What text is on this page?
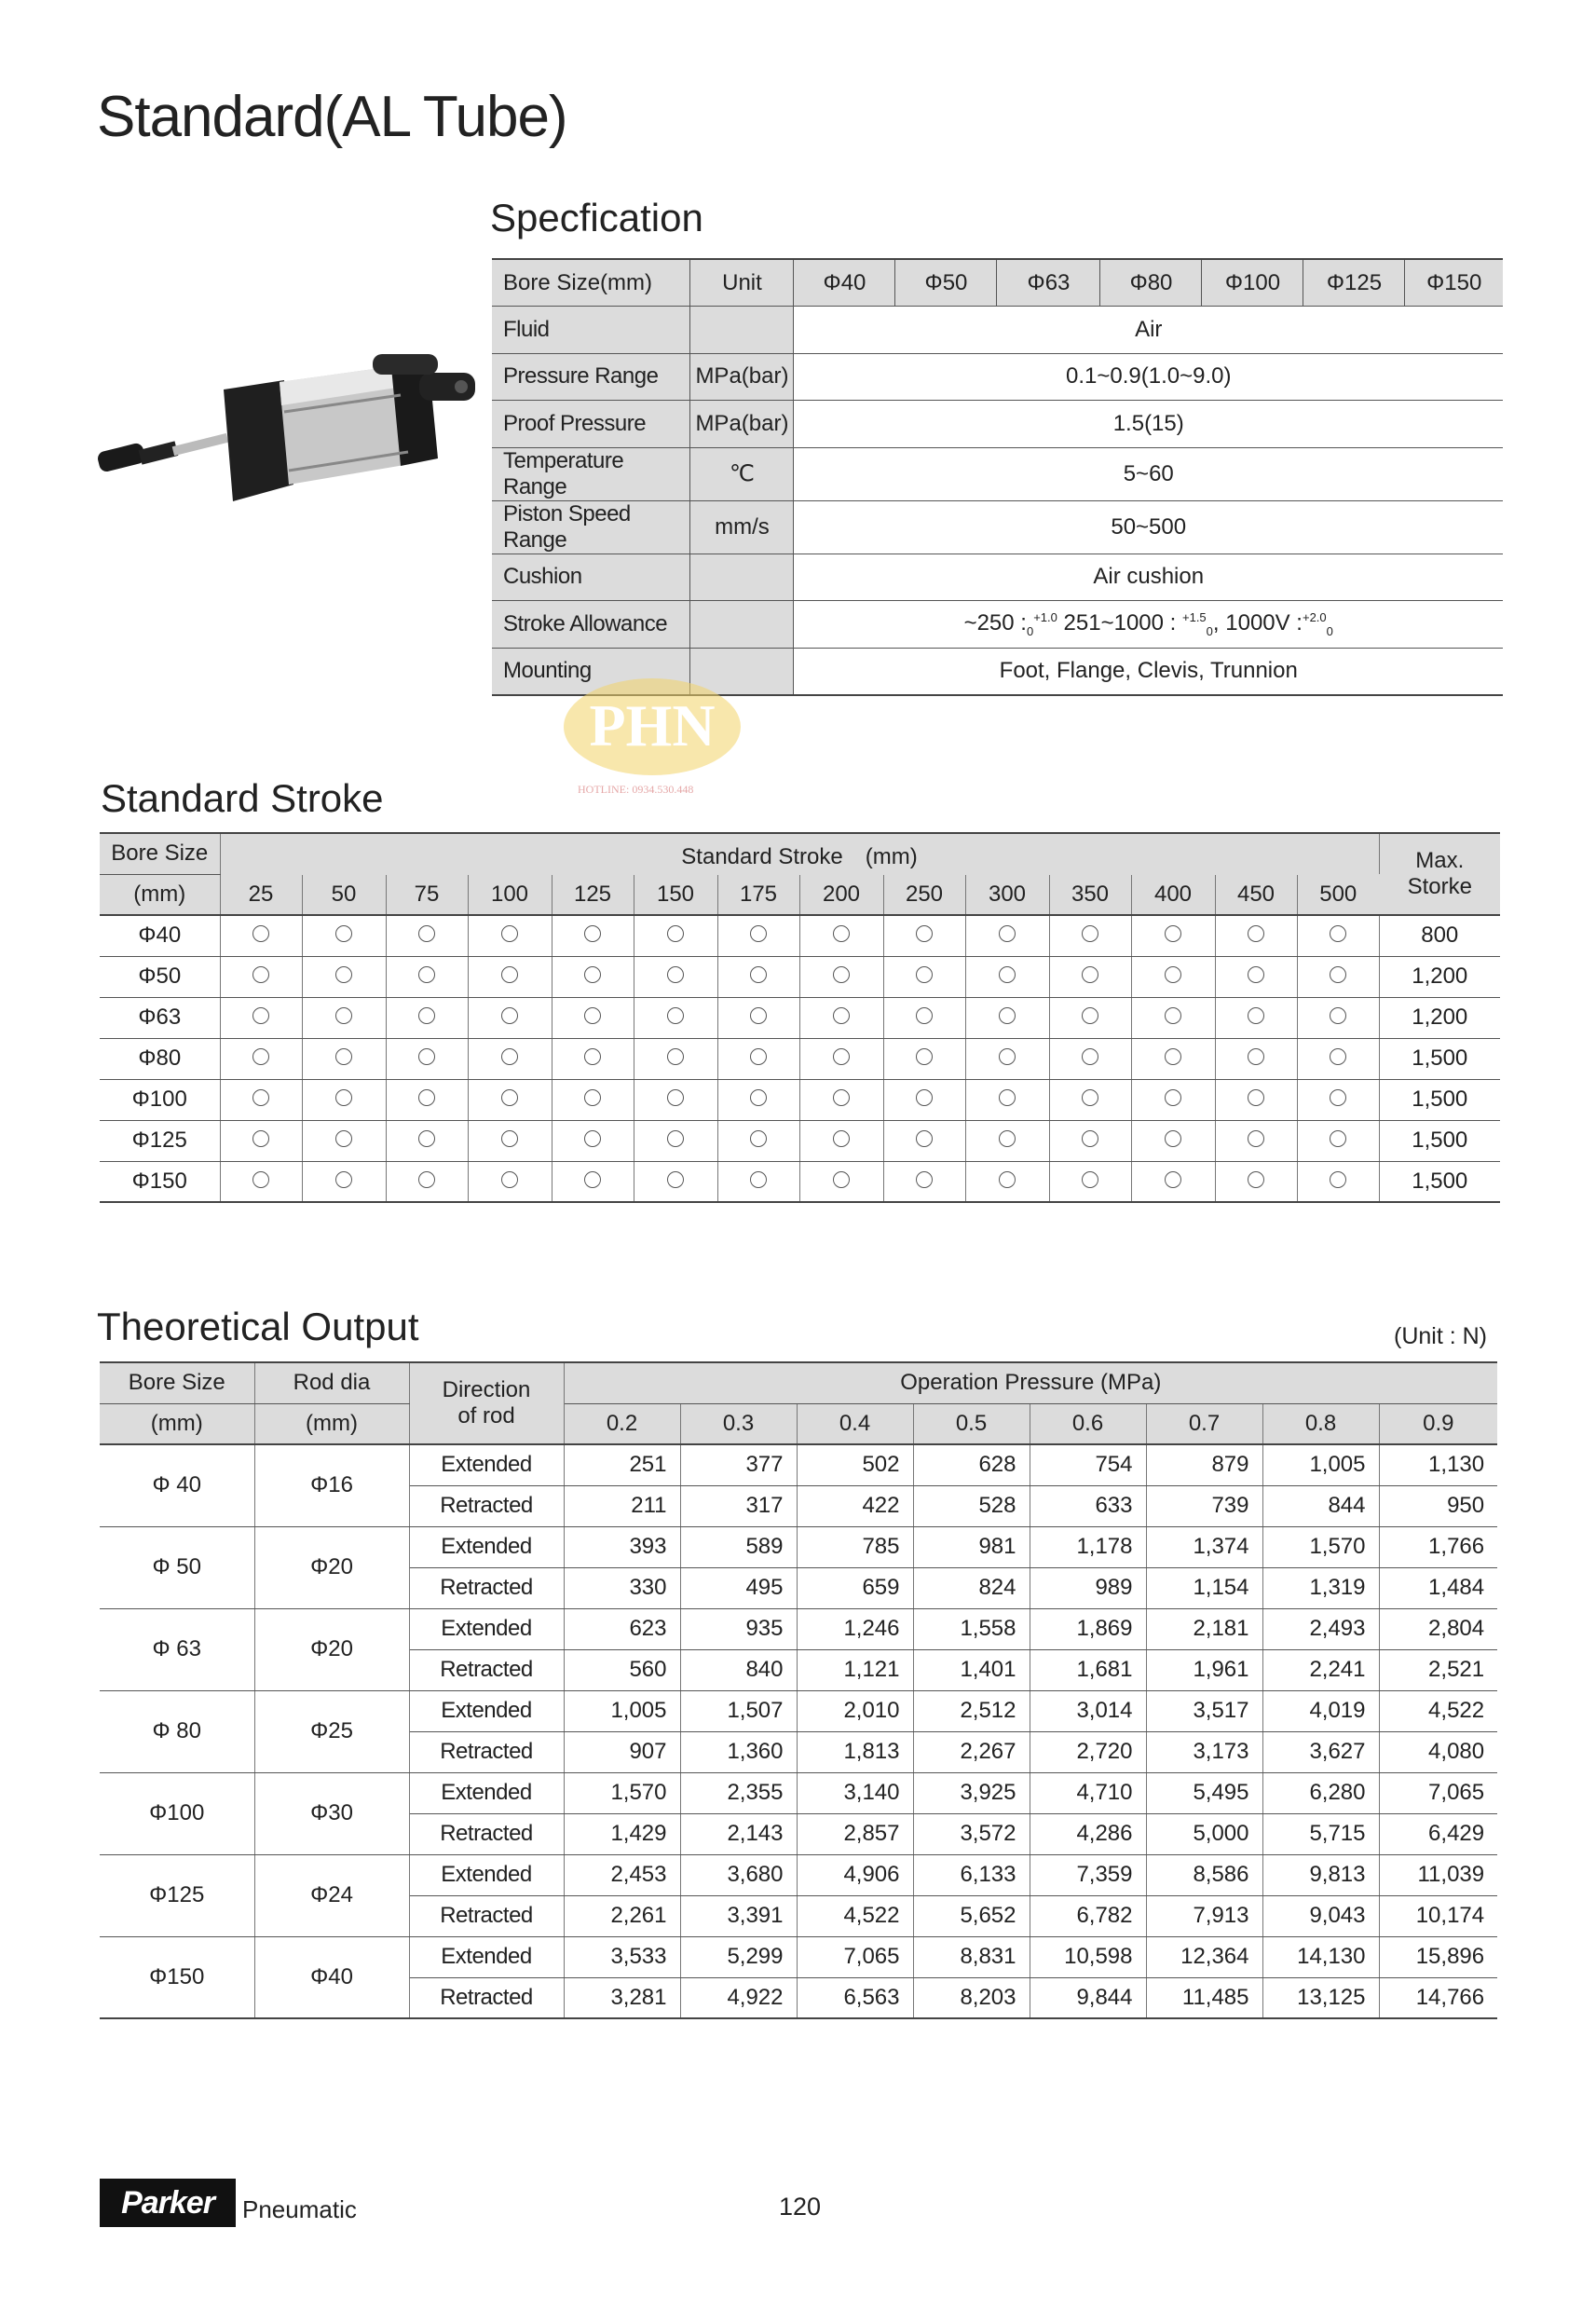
Standard(AL Tube)
Specfication
Bore Size(mm)	Unit	Φ40	Φ50	Φ63	Φ80	Φ100	Φ125	Φ150
Fluid		Air						
Pressure Range	MPa(bar)	0.1~0.9(1.0~9.0)						
Proof Pressure	MPa(bar)	1.5(15)						
Temperature Range	℃	5~60						
Piston Speed Range	mm/s	50~500						
Cushion		Air cushion						
Stroke Allowance		~250 $:_0^{+1.0}$ 251~1000 : $^{+1.5}_0$, 1000V :$^{+2.0}_0$
Mounting		Foot, Flange, Clevis, Trunnion						
PHN
HOTLINE: 0934.530.448
Standard Stroke
Bore Size	Standard Stroke　(mm)														Max.
Storke
(mm)	25	50	75	100	125	150	175	200	250	300	350	400	450	500	
Φ40															800
Φ50															1,200
Φ63															1,200
Φ80															1,500
Φ100															1,500
Φ125															1,500
Φ150															1,500
Theoretical Output	(Unit : N)
Bore Size	Rod dia	Direction
of rod	Operation Pressure (MPa)							
(mm)	(mm)		0.2	0.3	0.4	0.5	0.6	0.7	0.8	0.9
Φ 40	Φ16	Extended	251	377	502	628	754	879	1,005	1,130
		Retracted	211	317	422	528	633	739	844	950
Φ 50	Φ20	Extended	393	589	785	981	1,178	1,374	1,570	1,766
		Retracted	330	495	659	824	989	1,154	1,319	1,484
Φ 63	Φ20	Extended	623	935	1,246	1,558	1,869	2,181	2,493	2,804
		Retracted	560	840	1,121	1,401	1,681	1,961	2,241	2,521
Φ 80	Φ25	Extended	1,005	1,507	2,010	2,512	3,014	3,517	4,019	4,522
		Retracted	907	1,360	1,813	2,267	2,720	3,173	3,627	4,080
Φ100	Φ30	Extended	1,570	2,355	3,140	3,925	4,710	5,495	6,280	7,065
		Retracted	1,429	2,143	2,857	3,572	4,286	5,000	5,715	6,429
Φ125	Φ24	Extended	2,453	3,680	4,906	6,133	7,359	8,586	9,813	11,039
		Retracted	2,261	3,391	4,522	5,652	6,782	7,913	9,043	10,174
Φ150	Φ40	Extended	3,533	5,299	7,065	8,831	10,598	12,364	14,130	15,896
		Retracted	3,281	4,922	6,563	8,203	9,844	11,485	13,125	14,766
Parker	Pneumatic	120
